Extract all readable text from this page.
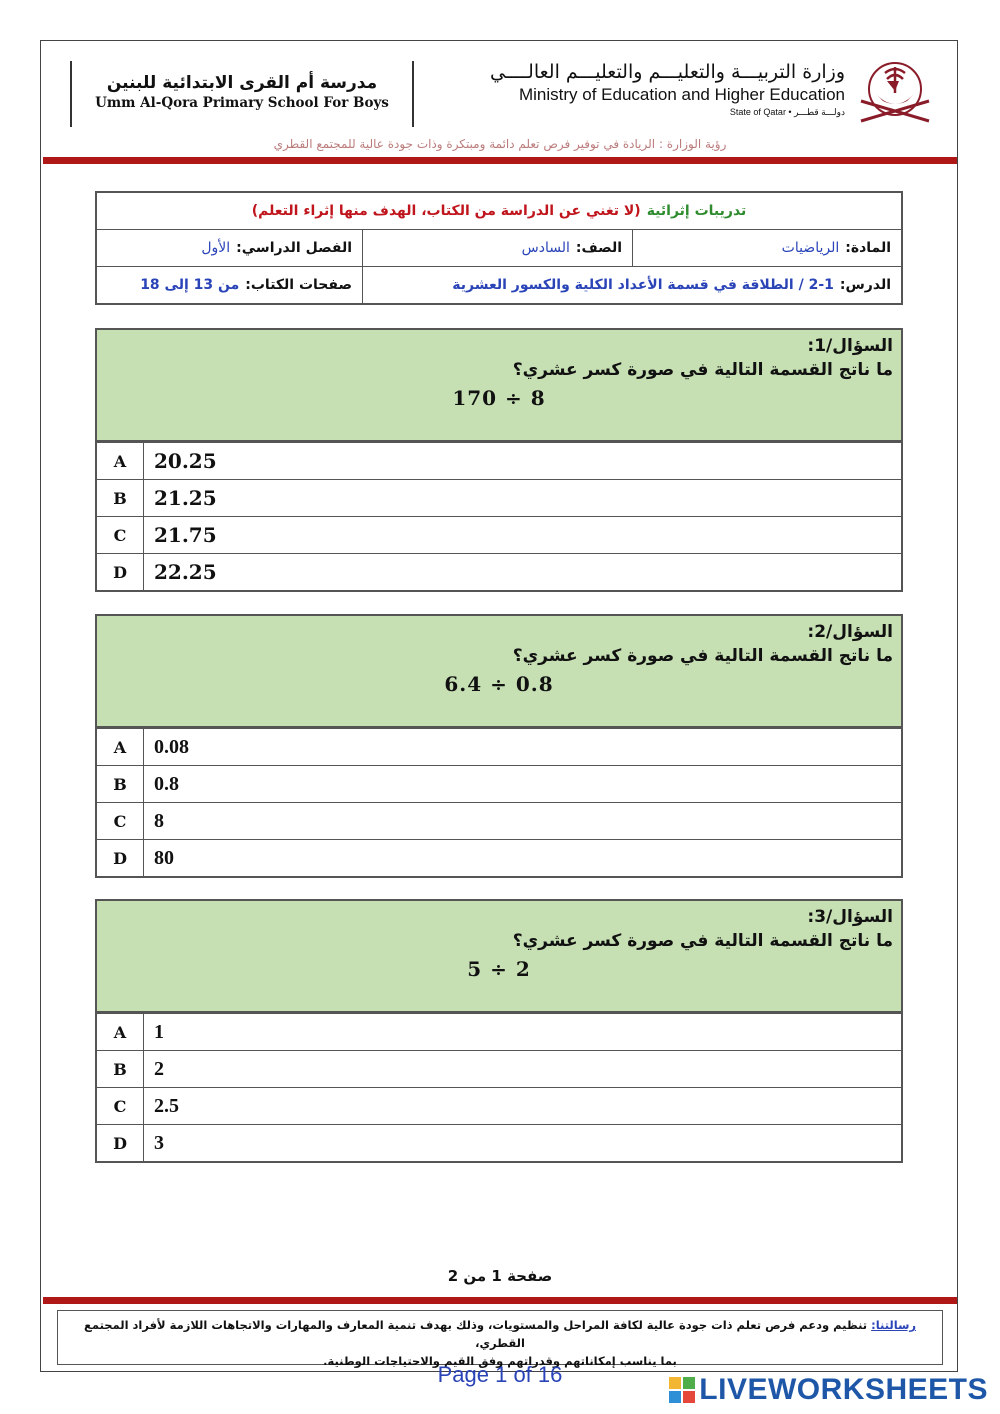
مدرسة أم القرى الابتدائية للبنين
Umm Al-Qora Primary School For Boys
وزارة التربيـــة والتعليـــم والتعليـــم العالــــي
Ministry of Education and Higher Education
State of Qatar • دولـــة قطـــر
رؤية الوزارة : الريادة في توفير فرص تعلم دائمة ومبتكرة وذات جودة عالية للمجتمع القطري
تدريبات إثرائية
(لا تغني عن الدراسة من الكتاب، الهدف منها إثراء التعلم)
المادة:
الرياضيات
الصف:
السادس
الفصل الدراسي:
الأول
الدرس:
2-1 / الطلاقة في قسمة الأعداد الكلية والكسور العشرية
صفحات الكتاب:
من 13 إلى 18
السؤال/1:
ما ناتج القسمة التالية في صورة كسر عشري؟
170 ÷ 8
A	20.25
B	21.25
C	21.75
D	22.25
السؤال/2:
ما ناتج القسمة التالية في صورة كسر عشري؟
6.4 ÷ 0.8
A	0.08
B	0.8
C	8
D	80
السؤال/3:
ما ناتج القسمة التالية في صورة كسر عشري؟
5 ÷ 2
A	1
B	2
C	2.5
D	3
صفحة 1 من 2
رسالتنا: تنظيم ودعم فرص تعلم ذات جودة عالية لكافة المراحل والمستويات، وذلك بهدف تنمية المعارف والمهارات والاتجاهات اللازمة لأفراد المجتمع القطري،
بما يناسب إمكاناتهم وقدراتهم وفق القيم والاحتياجات الوطنية.
Page 1 of 16	LIVEWORKSHEETS
